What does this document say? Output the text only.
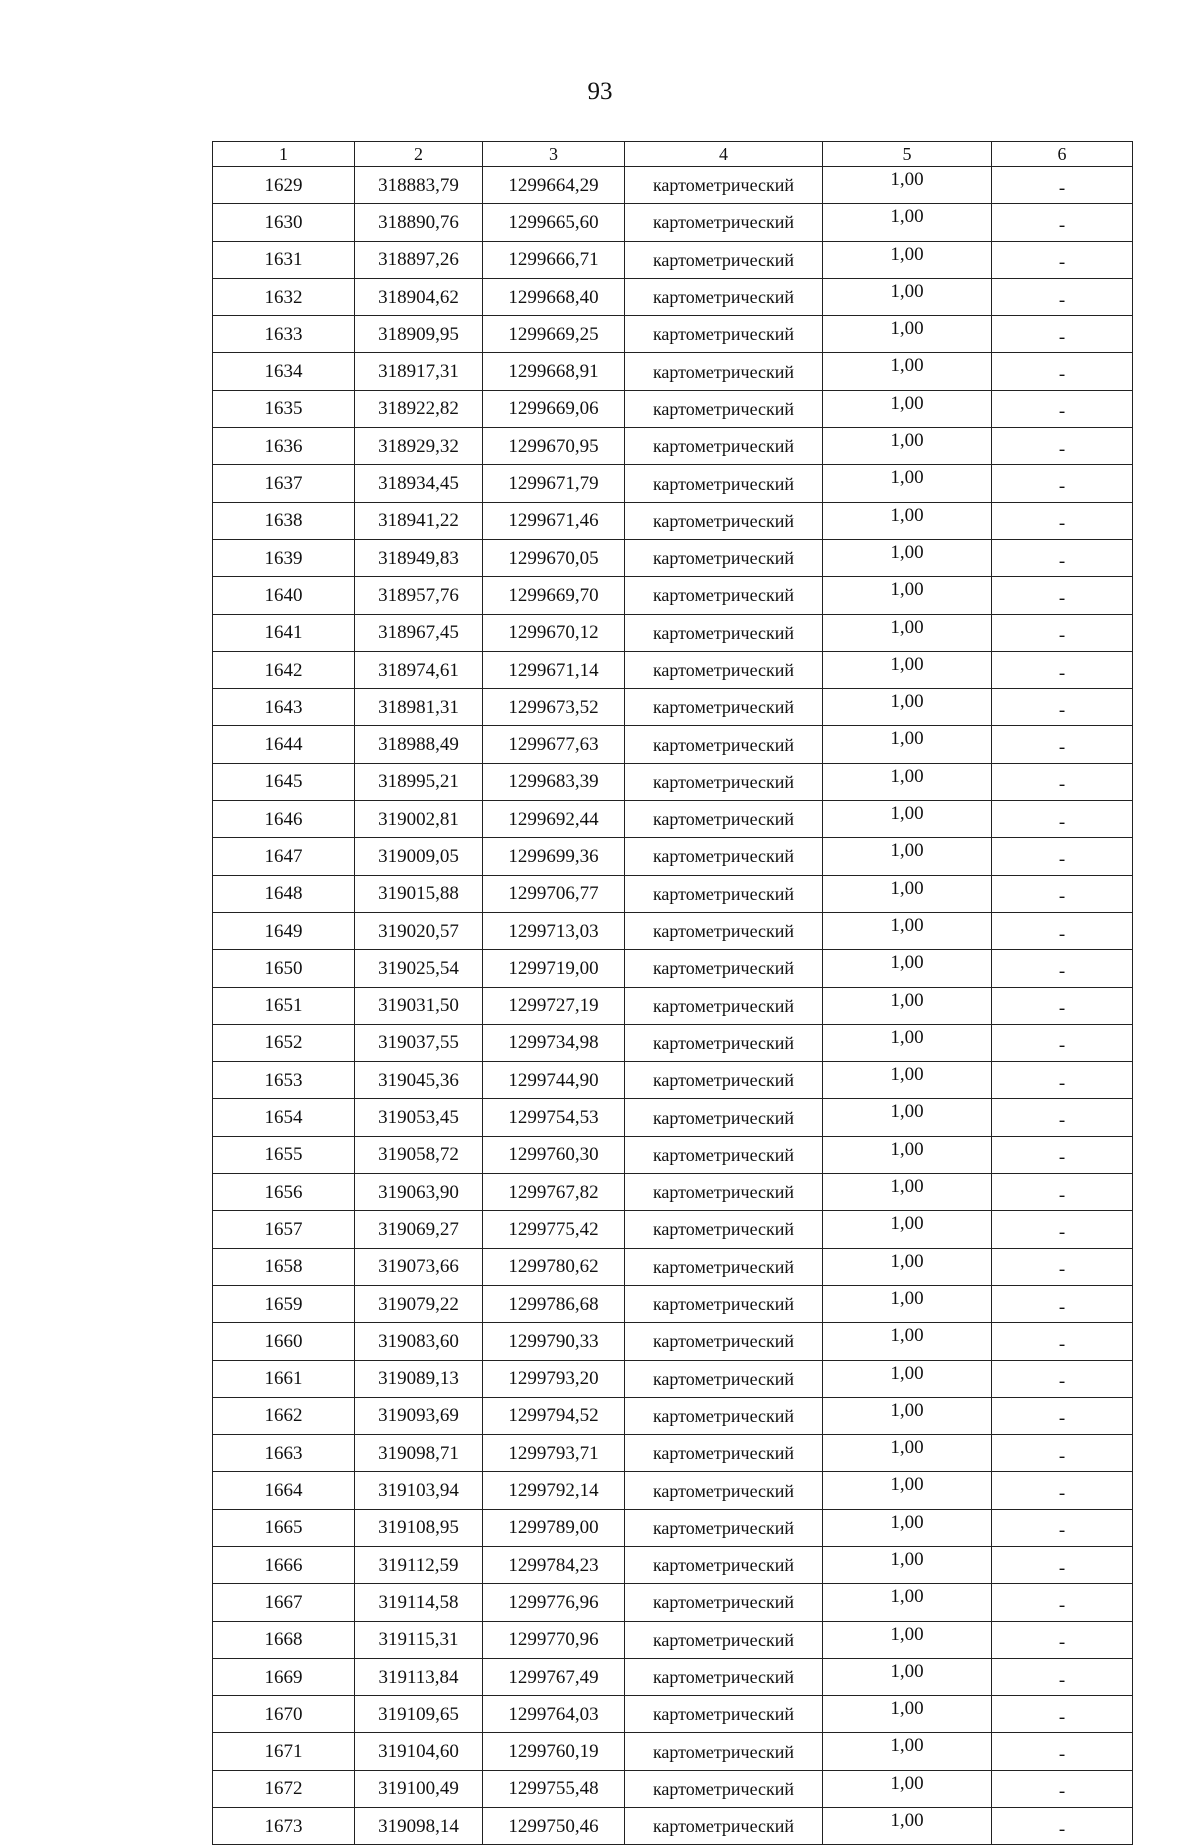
93
1	2	3	4	5	6
1629	318883,79	1299664,29	картометрический	1,00	-
1630	318890,76	1299665,60	картометрический	1,00	-
1631	318897,26	1299666,71	картометрический	1,00	-
1632	318904,62	1299668,40	картометрический	1,00	-
1633	318909,95	1299669,25	картометрический	1,00	-
1634	318917,31	1299668,91	картометрический	1,00	-
1635	318922,82	1299669,06	картометрический	1,00	-
1636	318929,32	1299670,95	картометрический	1,00	-
1637	318934,45	1299671,79	картометрический	1,00	-
1638	318941,22	1299671,46	картометрический	1,00	-
1639	318949,83	1299670,05	картометрический	1,00	-
1640	318957,76	1299669,70	картометрический	1,00	-
1641	318967,45	1299670,12	картометрический	1,00	-
1642	318974,61	1299671,14	картометрический	1,00	-
1643	318981,31	1299673,52	картометрический	1,00	-
1644	318988,49	1299677,63	картометрический	1,00	-
1645	318995,21	1299683,39	картометрический	1,00	-
1646	319002,81	1299692,44	картометрический	1,00	-
1647	319009,05	1299699,36	картометрический	1,00	-
1648	319015,88	1299706,77	картометрический	1,00	-
1649	319020,57	1299713,03	картометрический	1,00	-
1650	319025,54	1299719,00	картометрический	1,00	-
1651	319031,50	1299727,19	картометрический	1,00	-
1652	319037,55	1299734,98	картометрический	1,00	-
1653	319045,36	1299744,90	картометрический	1,00	-
1654	319053,45	1299754,53	картометрический	1,00	-
1655	319058,72	1299760,30	картометрический	1,00	-
1656	319063,90	1299767,82	картометрический	1,00	-
1657	319069,27	1299775,42	картометрический	1,00	-
1658	319073,66	1299780,62	картометрический	1,00	-
1659	319079,22	1299786,68	картометрический	1,00	-
1660	319083,60	1299790,33	картометрический	1,00	-
1661	319089,13	1299793,20	картометрический	1,00	-
1662	319093,69	1299794,52	картометрический	1,00	-
1663	319098,71	1299793,71	картометрический	1,00	-
1664	319103,94	1299792,14	картометрический	1,00	-
1665	319108,95	1299789,00	картометрический	1,00	-
1666	319112,59	1299784,23	картометрический	1,00	-
1667	319114,58	1299776,96	картометрический	1,00	-
1668	319115,31	1299770,96	картометрический	1,00	-
1669	319113,84	1299767,49	картометрический	1,00	-
1670	319109,65	1299764,03	картометрический	1,00	-
1671	319104,60	1299760,19	картометрический	1,00	-
1672	319100,49	1299755,48	картометрический	1,00	-
1673	319098,14	1299750,46	картометрический	1,00	-
